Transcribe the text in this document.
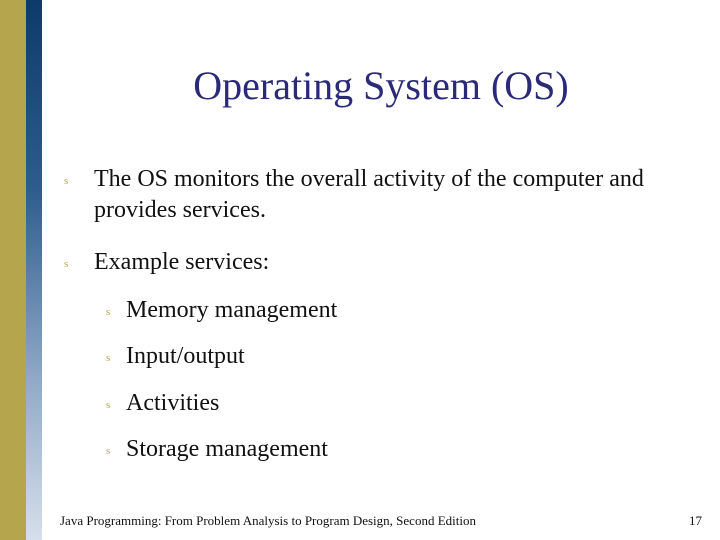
Operating System (OS)
s The OS monitors the overall activity of the computer and provides services.
s Example services:
s Memory management
s Input/output
s Activities
s Storage management
Java Programming: From Problem Analysis to Program Design, Second Edition	17
